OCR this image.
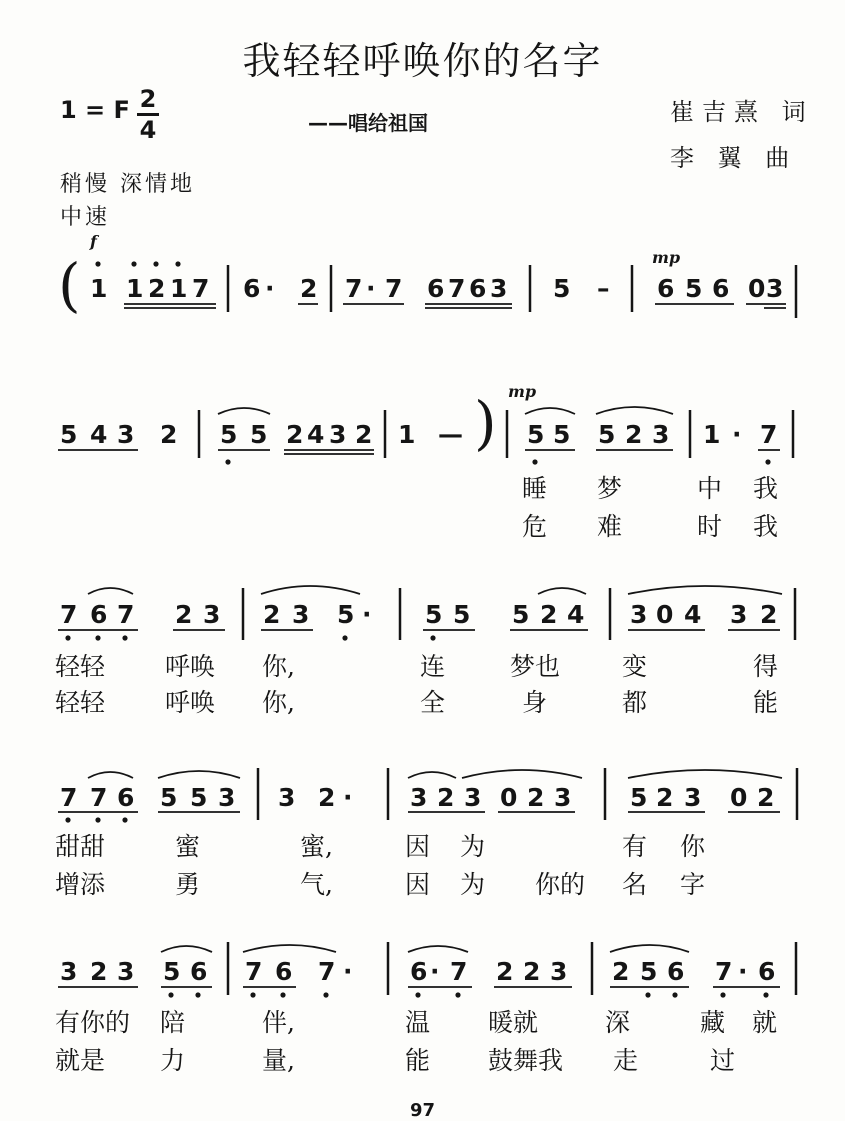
我轻轻呼唤你的名字
1 = F 2
4	——唱给祖国	崔吉熹 词
李 翼 曲
稍慢 深情地
中速
f
mp
mp
(
)
1 1 2 1 7 6 · 2 7 · 7 6 7 6 3 5 – 6 5 6 0 3
5 4 3 2 5 5 2 4 3 2 1 —	5 5 5 2 3 1 · 7
睡 梦	中 我
危 难	时 我
7 6 7 2 3 2 3 5 · 5 5 5 2 4 3 0 4 3 2
轻轻 呼唤 你,	连	梦也 变	得
轻轻 呼唤 你,	全	身	都	能
7 7 6 5 5 3 3 2 · 3 2 3 0 2 3 5 2 3 0 2
甜甜	蜜	蜜,	因 为	有 你
增添	勇	气,	因 为 你的 名 字
3 2 3 5 6 7 6 7 · 6 · 7 2 2 3 2 5 6 7 · 6
有你的 陪	伴,	温 暖就	深	藏 就
就是 力	量,	能 鼓舞我 走	过
97
